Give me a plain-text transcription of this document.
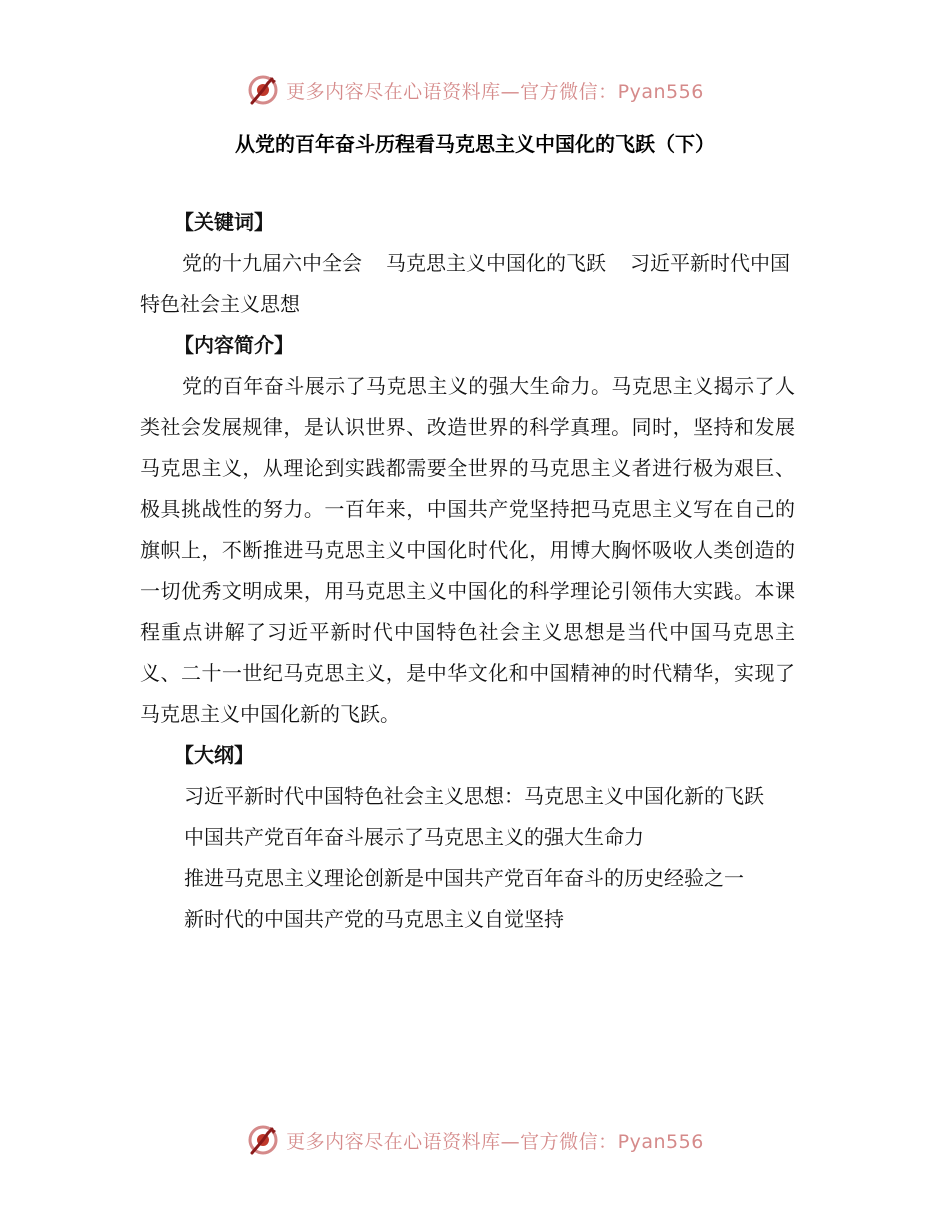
更多内容尽在心语资料库—官方微信：Pyan556
从党的百年奋斗历程看马克思主义中国化的飞跃（下）

【关键词】

党的十九届六中全会 马克思主义中国化的飞跃 习近平新时代中国特色社会主义思想

【内容简介】

党的百年奋斗展示了马克思主义的强大生命力。马克思主义揭示了人类社会发展规律，是认识世界、改造世界的科学真理。同时，坚持和发展马克思主义，从理论到实践都需要全世界的马克思主义者进行极为艰巨、极具挑战性的努力。一百年来，中国共产党坚持把马克思主义写在自己的旗帜上，不断推进马克思主义中国化时代化，用博大胸怀吸收人类创造的一切优秀文明成果，用马克思主义中国化的科学理论引领伟大实践。本课程重点讲解了习近平新时代中国特色社会主义思想是当代中国马克思主义、二十一世纪马克思主义，是中华文化和中国精神的时代精华，实现了马克思主义中国化新的飞跃。

【大纲】

习近平新时代中国特色社会主义思想：马克思主义中国化新的飞跃

中国共产党百年奋斗展示了马克思主义的强大生命力

推进马克思主义理论创新是中国共产党百年奋斗的历史经验之一

新时代的中国共产党的马克思主义自觉坚持

更多内容尽在心语资料库—官方微信：Pyan556
